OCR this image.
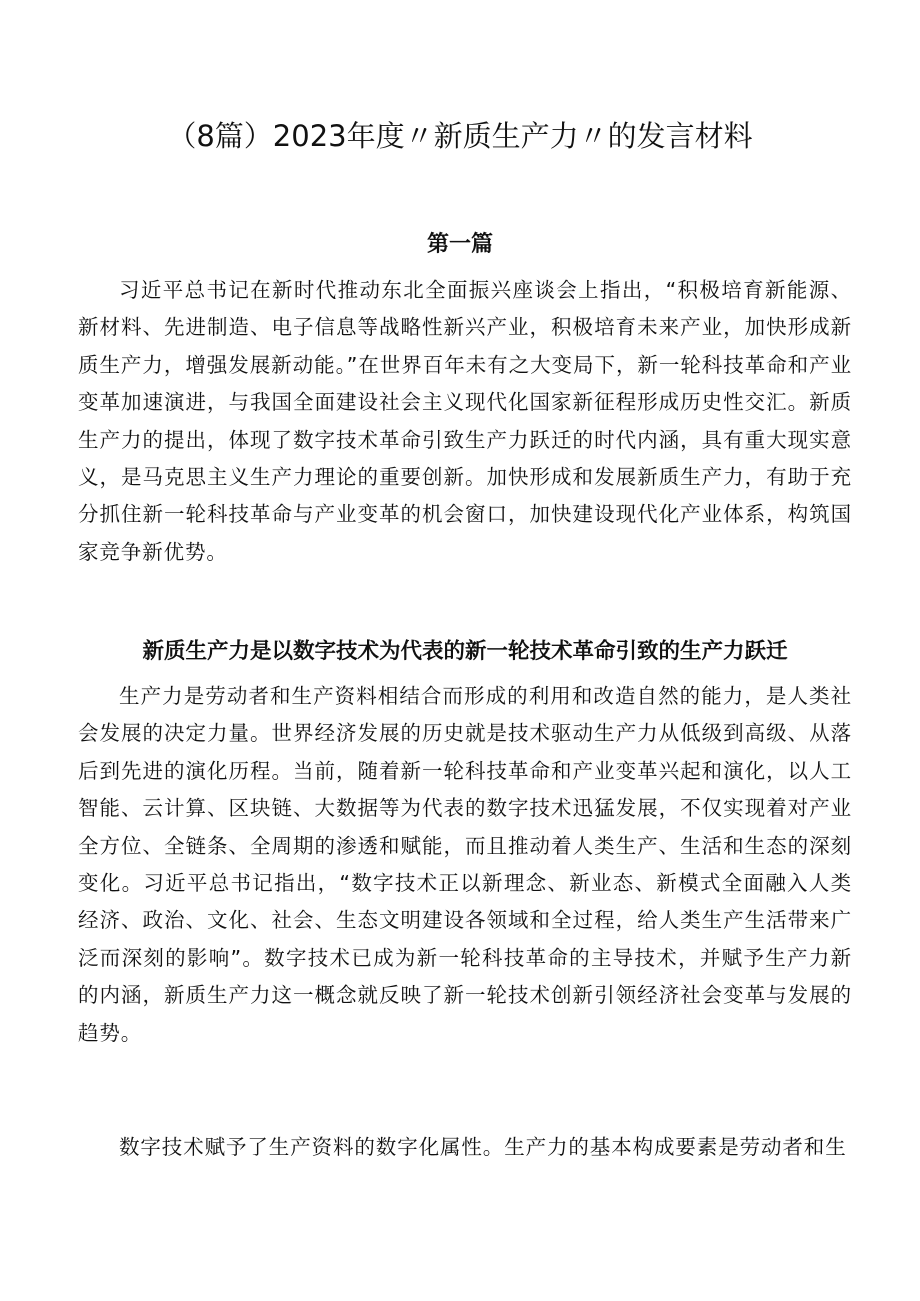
（8篇）2023年度〃新质生产力〃的发言材料
第一篇

习近平总书记在新时代推动东北全面振兴座谈会上指出，“积极培育新能源、新材料、先进制造、电子信息等战略性新兴产业，积极培育未来产业，加快形成新质生产力，增强发展新动能。”在世界百年未有之大变局下，新一轮科技革命和产业变革加速演进，与我国全面建设社会主义现代化国家新征程形成历史性交汇。新质生产力的提出，体现了数字技术革命引致生产力跃迁的时代内涵，具有重大现实意义，是马克思主义生产力理论的重要创新。加快形成和发展新质生产力，有助于充分抓住新一轮科技革命与产业变革的机会窗口，加快建设现代化产业体系，构筑国家竞争新优势。

新质生产力是以数字技术为代表的新一轮技术革命引致的生产力跃迁

生产力是劳动者和生产资料相结合而形成的利用和改造自然的能力，是人类社会发展的决定力量。世界经济发展的历史就是技术驱动生产力从低级到高级、从落后到先进的演化历程。当前，随着新一轮科技革命和产业变革兴起和演化，以人工智能、云计算、区块链、大数据等为代表的数字技术迅猛发展，不仅实现着对产业全方位、全链条、全周期的渗透和赋能，而且推动着人类生产、生活和生态的深刻变化。习近平总书记指出，“数字技术正以新理念、新业态、新模式全面融入人类经济、政治、文化、社会、生态文明建设各领域和全过程，给人类生产生活带来广泛而深刻的影响”。数字技术已成为新一轮科技革命的主导技术，并赋予生产力新的内涵，新质生产力这一概念就反映了新一轮技术创新引领经济社会变革与发展的趋势。

数字技术赋予了生产资料的数字化属性。生产力的基本构成要素是劳动者和生
